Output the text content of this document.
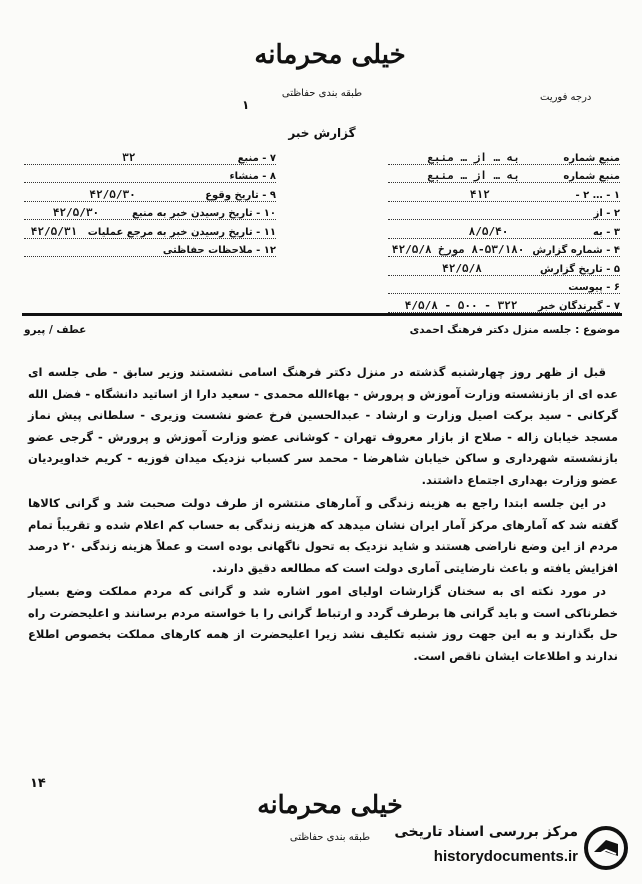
خیلی محرمانه
طبقه بندی حفاظتی
۱
درجه فوریت
گزارش خبر
منبع شماره
به … از … منبع
منبع شماره
به … از … منبع
۱ - … ۲ -
۴۱۲
۲ - از
۳ - به
۸/۵/۴۰
۴ - شماره گزارش
۸-۵۳/۱۸۰ مورخ ۴۲/۵/۸
۵ - تاریخ گزارش
۴۲/۵/۸
۶ - پیوست
۷ - گیرندگان خبر
۳۲۲ - ۵۰۰ - ۴/۵/۸
۷ - منبع
۳۲
۸ - منشاء
۹ - تاریخ وقوع
۴۲/۵/۳۰
۱۰ - تاریخ رسیدن خبر به منبع
۴۲/۵/۳۰
۱۱ - تاریخ رسیدن خبر به مرجع عملیات
۴۲/۵/۳۱
۱۲ - ملاحظات حفاظتی
موضوع : جلسه منزل دکتر فرهنگ احمدی
عطف / پیرو

قبل از ظهر روز چهارشنبه گذشته در منزل دکتر فرهنگ اسامی نشستند وزیر سابق - طی جلسه ای عده ای از بازنشسته وزارت آموزش و پرورش - بهاءالله محمدی - سعید دارا از اساتید دانشگاه - فضل الله گرکانی - سید برکت اصیل وزارت و ارشاد - عبدالحسین فرخ عضو نشست وزیری - سلطانی پیش نماز مسجد خیابان زاله - صلاح از بازار معروف تهران - کوشانی عضو وزارت آموزش و پرورش - گرجی عضو بازنشسته شهرداری و ساکن خیابان شاهرضا - محمد سر کسباب نزدیک میدان فوزیه - کریم خداویردیان عضو وزارت بهداری اجتماع داشتند.

در این جلسه ابتدا راجع به هزینه زندگی و آمارهای منتشره از طرف دولت صحبت شد و گرانی کالاها گفته شد که آمارهای مرکز آمار ایران نشان میدهد که هزینه زندگی به حساب کم اعلام شده و تقریباً تمام مردم از این وضع ناراضی هستند و شاید نزدیک به تحول ناگهانی بوده است و عملاً هزینه زندگی ۲۰ درصد افزایش یافته و باعث نارضایتی آماری دولت است که مطالعه دقیق دارند.

در مورد نکته ای به سخنان گزارشات اولیای امور اشاره شد و گرانی که مردم مملکت وضع بسیار خطرناکی است و باید گرانی ها برطرف گردد و ارتباط گرانی را با خواسته مردم برسانند و اعلیحضرت راه حل بگذارند و به این جهت روز شنبه تکلیف نشد زیرا اعلیحضرت از همه کارهای مملکت بخصوص اطلاع ندارند و اطلاعات ایشان ناقص است.

۱۴
خیلی محرمانه
طبقه بندی حفاظتی	مرکز بررسی اسناد تاریخی
historydocuments.ir
